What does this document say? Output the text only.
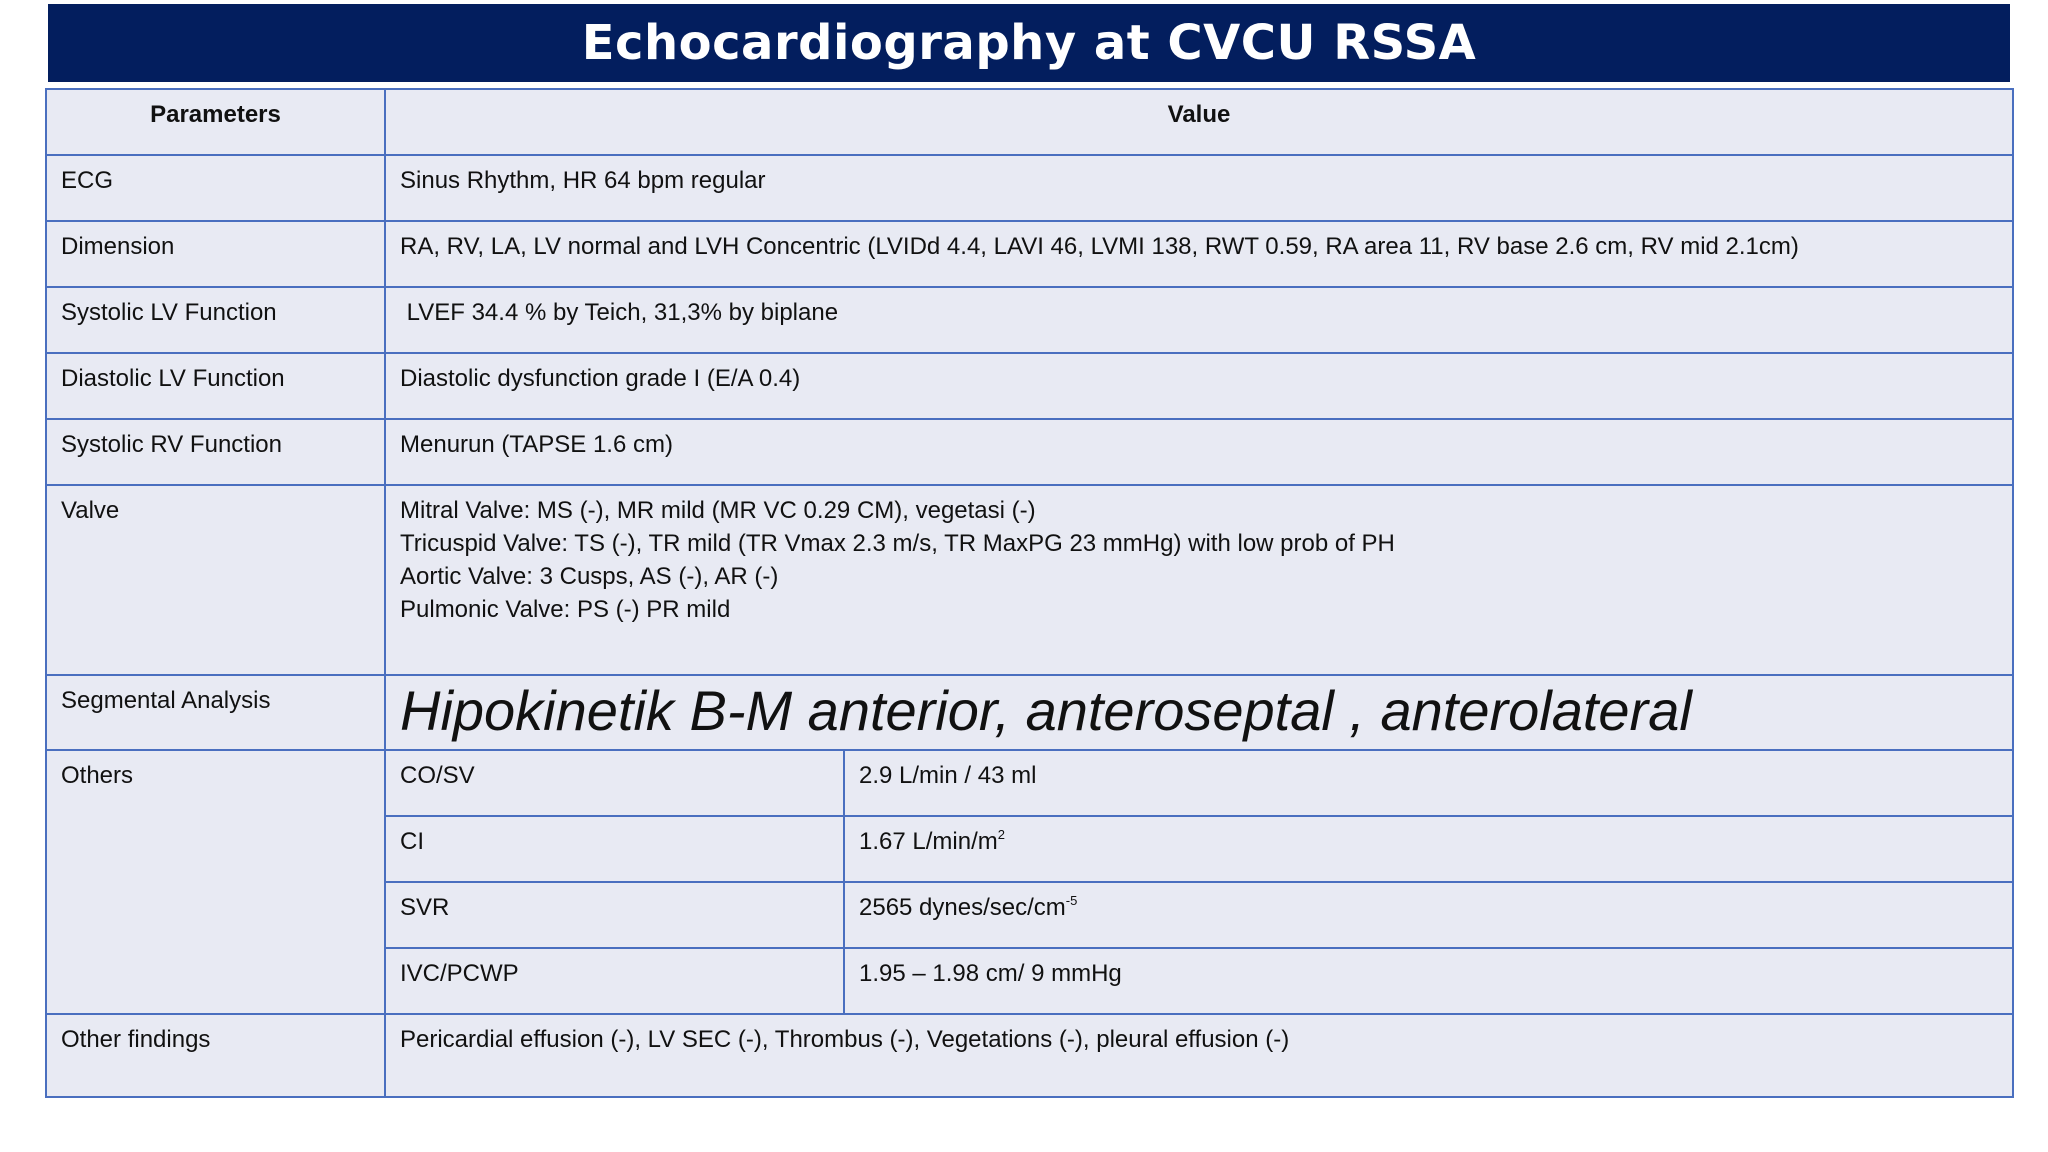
Echocardiography at CVCU RSSA
Parameters	Value	
ECG	Sinus Rhythm, HR 64 bpm regular	
Dimension	RA, RV, LA, LV normal and LVH Concentric (LVIDd 4.4, LAVI 46, LVMI 138, RWT 0.59, RA area 11, RV base 2.6 cm, RV mid 2.1cm)	
Systolic LV Function	LVEF 34.4 % by Teich, 31,3% by biplane	
Diastolic LV Function	Diastolic dysfunction grade I (E/A 0.4)	
Systolic RV Function	Menurun (TAPSE 1.6 cm)	
Valve	Mitral Valve: MS (-), MR mild (MR VC 0.29 CM), vegetasi (-)
Tricuspid Valve: TS (-), TR mild (TR Vmax 2.3 m/s, TR MaxPG 23 mmHg) with low prob of PH
Aortic Valve: 3 Cusps, AS (-), AR (-)
Pulmonic Valve: PS (-) PR mild	

Segmental Analysis	Hipokinetik B-M anterior, anteroseptal , anterolateral	

Others	CO/SV	2.9 L/min / 43 ml
	CI	1.67 $L/\min/m^2$
	SVR	2565 dynes/$\sec/cm^{-5}$
	IVC/PCWP	1.95 – 1.98 cm/ 9 mmHg
Other findings	Pericardial effusion (-), LV SEC (-), Thrombus (-), Vegetations (-), pleural effusion (-)	
